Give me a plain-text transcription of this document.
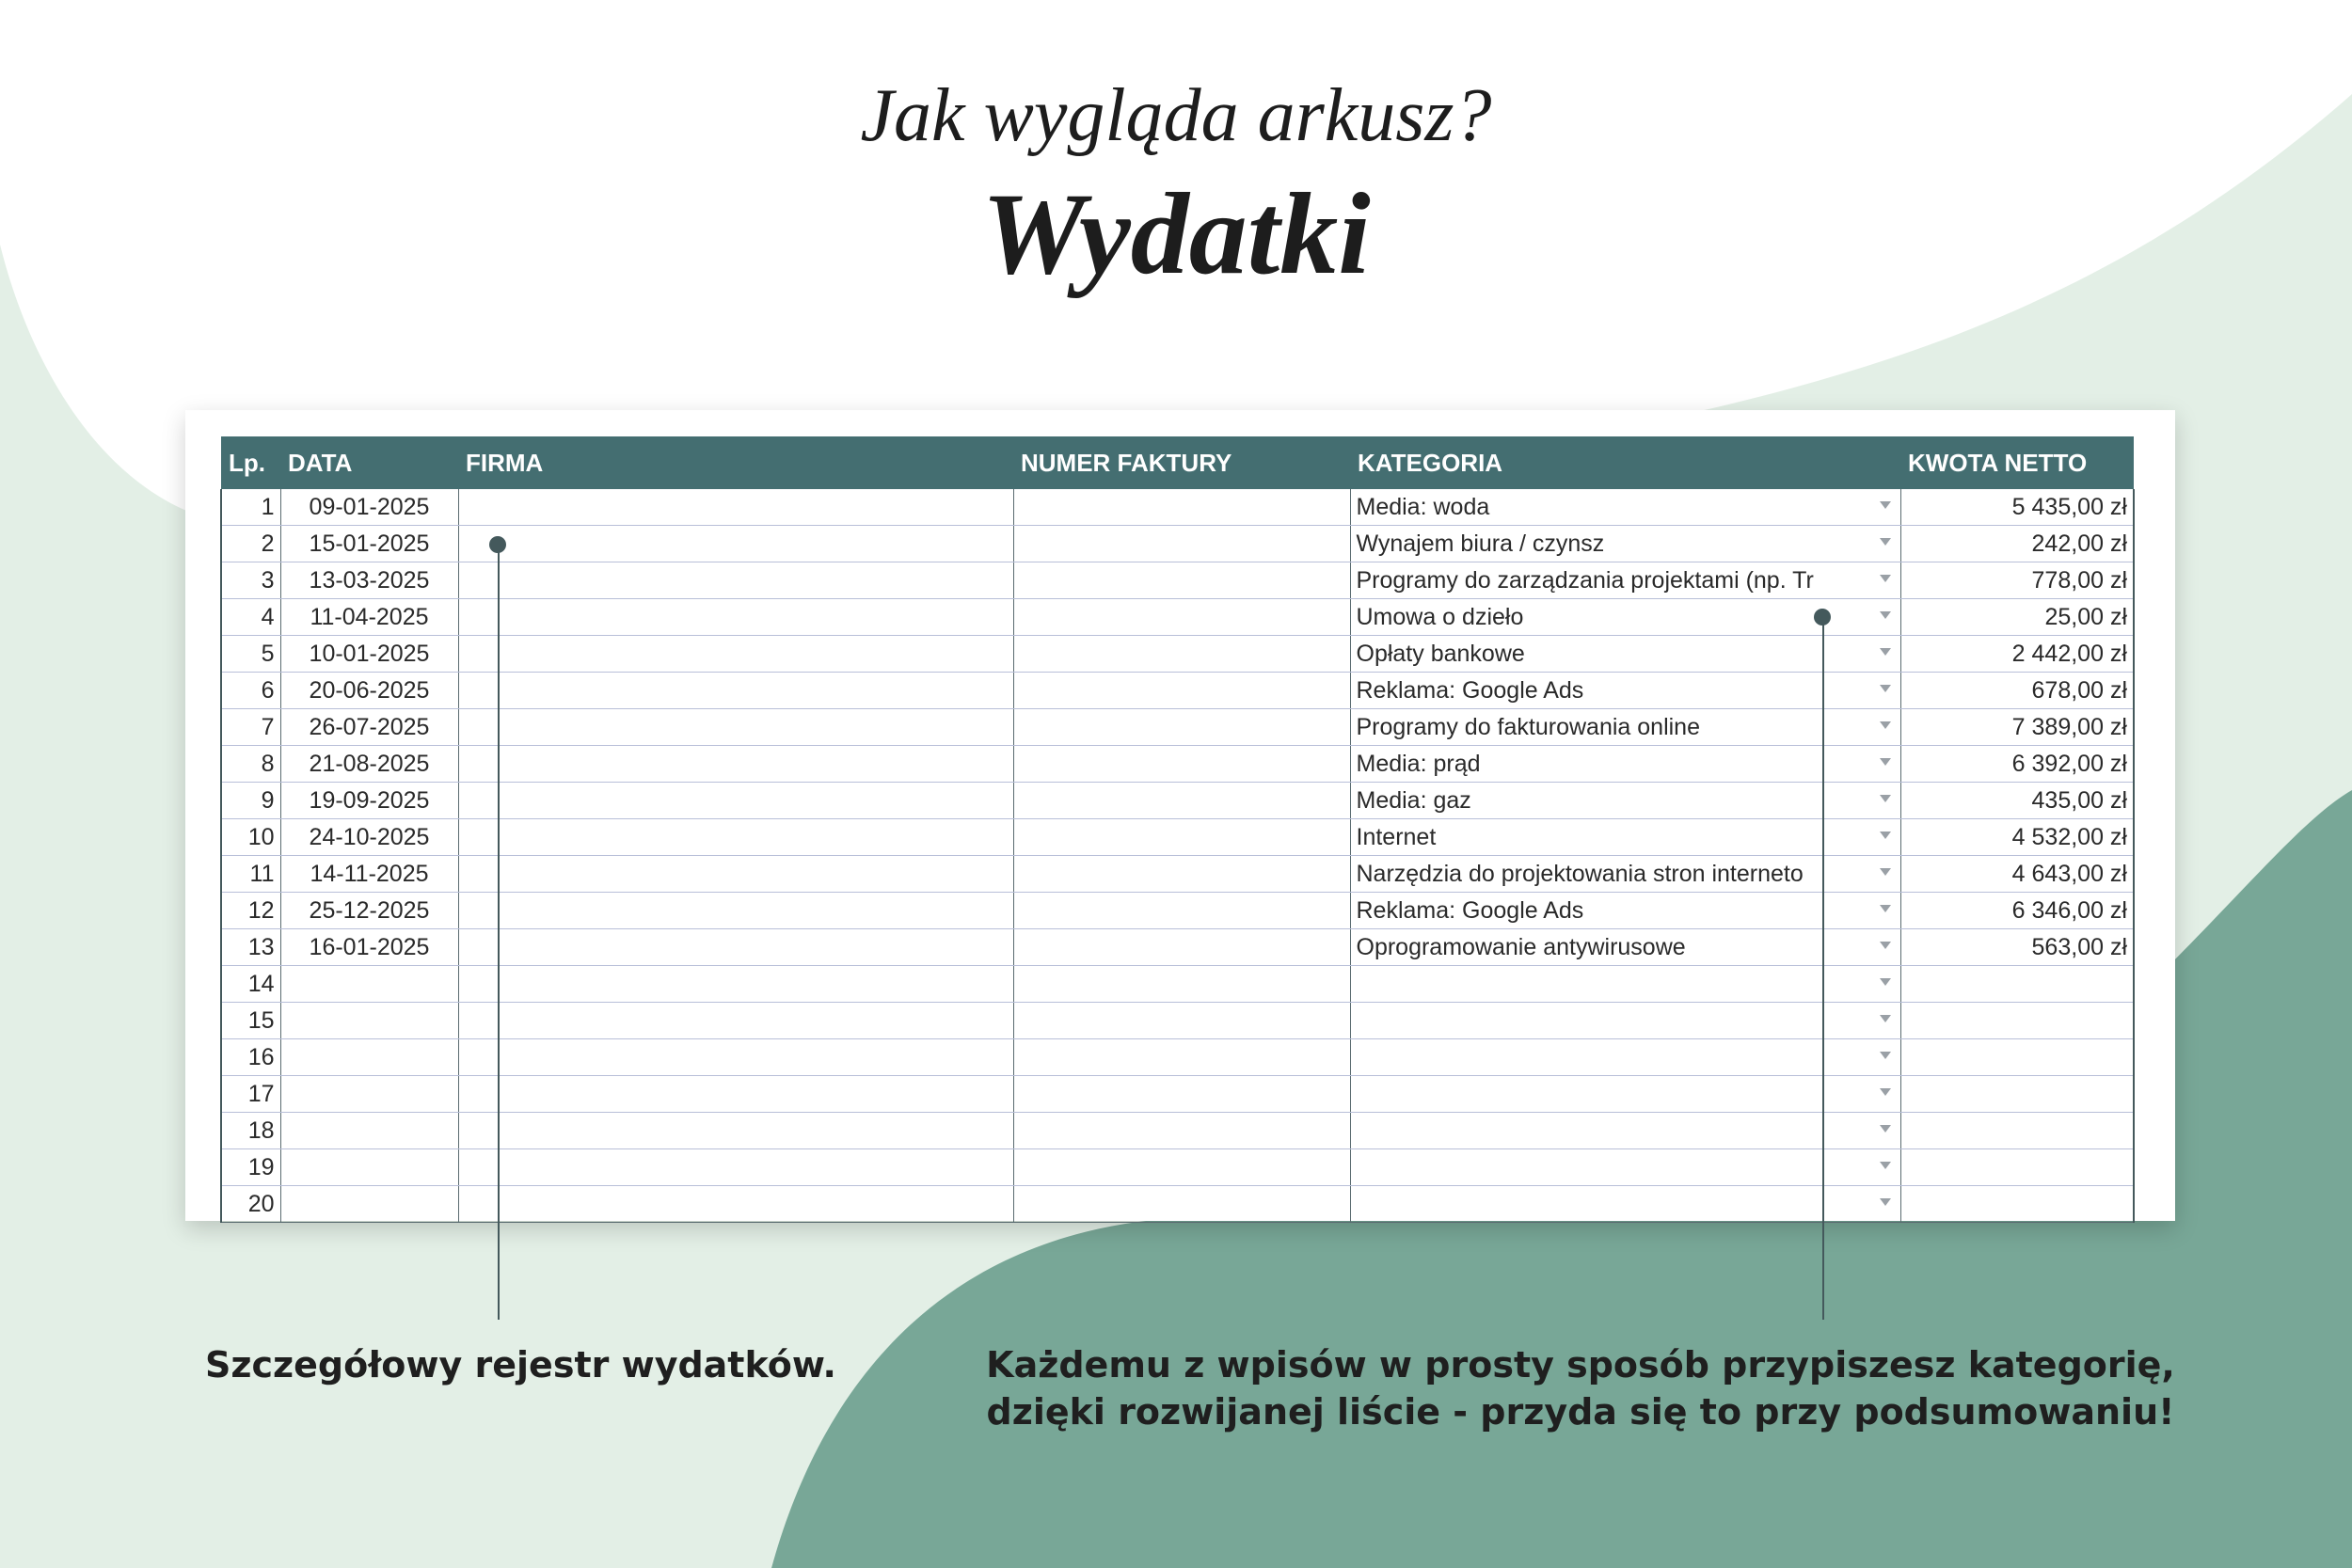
Jak wygląda arkusz?
Wydatki
Lp.	DATA	FIRMA	NUMER FAKTURY	KATEGORIA	KWOTA NETTO
1	09-01-2025			Media: woda	5 435,00 zł
2	15-01-2025			Wynajem biura / czynsz	242,00 zł
3	13-03-2025			Programy do zarządzania projektami (np. Tr	778,00 zł
4	11-04-2025			Umowa o dzieło	25,00 zł
5	10-01-2025			Opłaty bankowe	2 442,00 zł
6	20-06-2025			Reklama: Google Ads	678,00 zł
7	26-07-2025			Programy do fakturowania online	7 389,00 zł
8	21-08-2025			Media: prąd	6 392,00 zł
9	19-09-2025			Media: gaz	435,00 zł
10	24-10-2025			Internet	4 532,00 zł
11	14-11-2025			Narzędzia do projektowania stron interneto	4 643,00 zł
12	25-12-2025			Reklama: Google Ads	6 346,00 zł
13	16-01-2025			Oprogramowanie antywirusowe	563,00 zł
14				

15				

16				

17				

18				

19				

20				

Szczegółowy rejestr wydatków.	Każdemu z wpisów w prosty sposób przypiszesz kategorię,
dzięki rozwijanej liście - przyda się to przy podsumowaniu!
